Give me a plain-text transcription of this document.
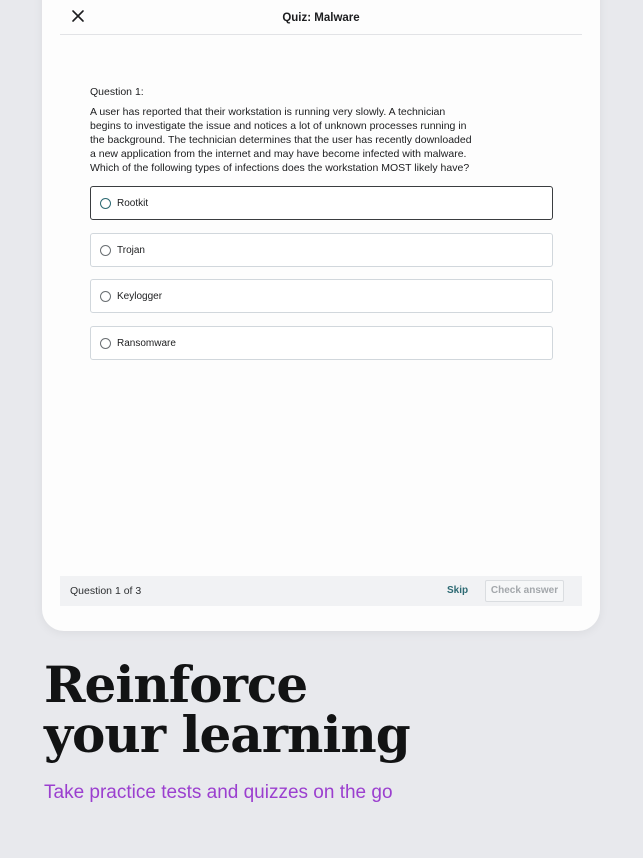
Quiz: Malware
Question 1:
A user has reported that their workstation is running very slowly. A technician begins to investigate the issue and notices a lot of unknown processes running in the background. The technician determines that the user has recently downloaded a new application from the internet and may have become infected with malware. Which of the following types of infections does the workstation MOST likely have?
Rootkit
Trojan
Keylogger
Ransomware
Question 1 of 3	Skip	Check answer
Reinforce
your learning
Take practice tests and quizzes on the go
